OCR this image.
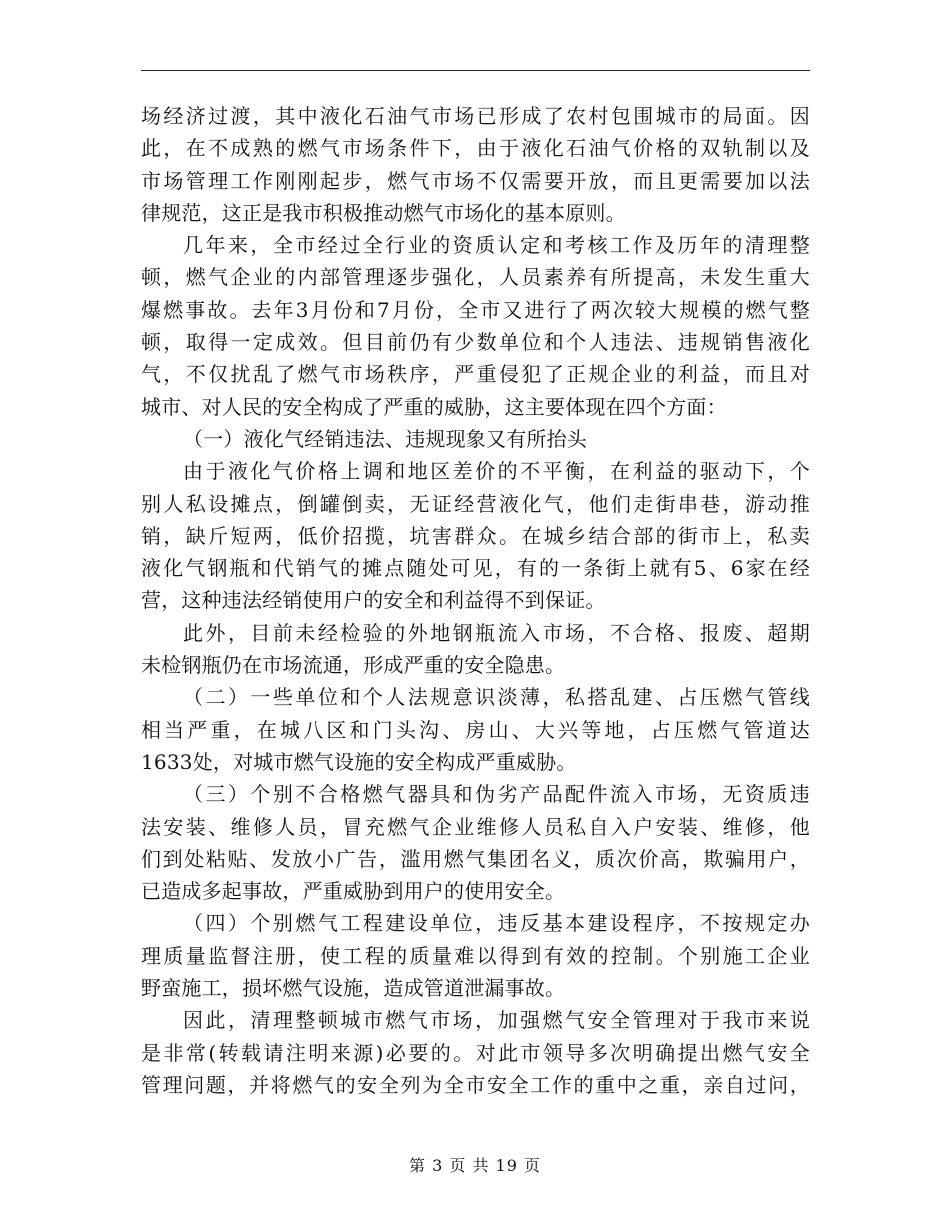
场经济过渡，其中液化石油气市场已形成了农村包围城市的局面。因
此，在不成熟的燃气市场条件下，由于液化石油气价格的双轨制以及
市场管理工作刚刚起步，燃气市场不仅需要开放，而且更需要加以法
律规范，这正是我市积极推动燃气市场化的基本原则。
几年来，全市经过全行业的资质认定和考核工作及历年的清理整
顿，燃气企业的内部管理逐步强化，人员素养有所提高，未发生重大
爆燃事故。去年3月份和7月份，全市又进行了两次较大规模的燃气整
顿，取得一定成效。但目前仍有少数单位和个人违法、违规销售液化
气，不仅扰乱了燃气市场秩序，严重侵犯了正规企业的利益，而且对
城市、对人民的安全构成了严重的威胁，这主要体现在四个方面：
（一）液化气经销违法、违规现象又有所抬头
由于液化气价格上调和地区差价的不平衡，在利益的驱动下，个
别人私设摊点，倒罐倒卖，无证经营液化气，他们走街串巷，游动推
销，缺斤短两，低价招揽，坑害群众。在城乡结合部的街市上，私卖
液化气钢瓶和代销气的摊点随处可见，有的一条街上就有5、6家在经
营，这种违法经销使用户的安全和利益得不到保证。
此外，目前未经检验的外地钢瓶流入市场，不合格、报废、超期
未检钢瓶仍在市场流通，形成严重的安全隐患。
（二）一些单位和个人法规意识淡薄，私搭乱建、占压燃气管线
相当严重，在城八区和门头沟、房山、大兴等地，占压燃气管道达
1633处，对城市燃气设施的安全构成严重威胁。
（三）个别不合格燃气器具和伪劣产品配件流入市场，无资质违
法安装、维修人员，冒充燃气企业维修人员私自入户安装、维修，他
们到处粘贴、发放小广告，滥用燃气集团名义，质次价高，欺骗用户，
已造成多起事故，严重威胁到用户的使用安全。
（四）个别燃气工程建设单位，违反基本建设程序，不按规定办
理质量监督注册，使工程的质量难以得到有效的控制。个别施工企业
野蛮施工，损坏燃气设施，造成管道泄漏事故。
因此，清理整顿城市燃气市场，加强燃气安全管理对于我市来说
是非常(转载请注明来源)必要的。对此市领导多次明确提出燃气安全
管理问题，并将燃气的安全列为全市安全工作的重中之重，亲自过问，
第 3 页 共 19 页
